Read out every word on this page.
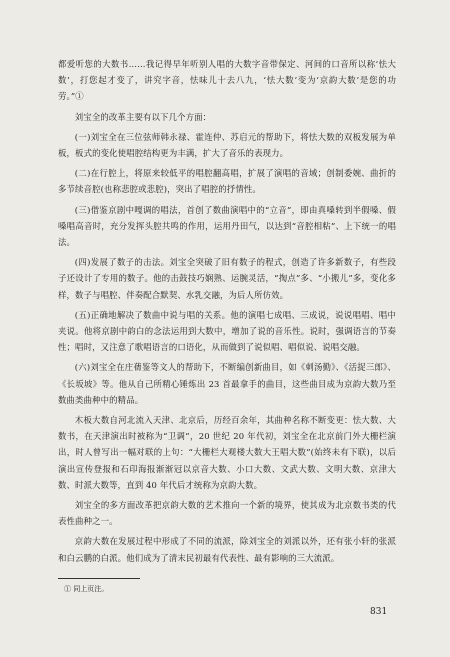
都爱听您的大数书……我记得早年听别人唱的大数字音带保定、河间的口音所以称‘怯大数’，打您起才变了，讲究字音，怯味儿十去八九，‘怯大数’变为‘京韵大数’是您的功劳。”①

刘宝全的改革主要有以下几个方面：

(一)刘宝全在三位弦师韩永禄、霍连仲、苏启元的帮助下，将怯大数的双板发展为单板，板式的变化使唱腔结构更为丰满，扩大了音乐的表现力。

(二)在行腔上，将原来较低平的唱腔翻高唱，扩展了演唱的音域；创制委婉、曲折的多节续音腔(也称悲腔或悲腔)，突出了唱腔的抒情性。

(三)借鉴京剧中嘎调的唱法，首创了数曲演唱中的“立音”，即由真嗓转到半假嗓、假嗓唱高音时，充分发挥头腔共鸣的作用，运用丹田气，以达到“音腔相粘”、上下统一的唱法。

(四)发展了数子的击法。刘宝全突破了旧有数子的程式，创造了许多新数子，有些段子还设计了专用的数子。他的击鼓技巧娴熟、运腕灵活，“掏点”多、“小搬儿”多，变化多样，数子与唱腔、伴奏配合默契、水乳交融，为后人所仿效。

(五)正确地解决了数曲中说与唱的关系。他的演唱七成唱、三成说，说说唱唱、唱中夹说。他将京剧中韵白的念法运用到大数中，增加了说的音乐性。说时，强调语言的节奏性；唱时，又注意了歌唱语言的口语化，从而做到了说似唱、唱似说、说唱交融。

(六)刘宝全在庄蒨鉴等文人的帮助下，不断编创新曲目，如《刺汤勤》、《活捉三郎》、《长坂坡》等。他从自己所精心锤炼出 23 首最拿手的曲目，这些曲目成为京韵大数乃至数曲类曲种中的精品。

木板大数自河北流入天津、北京后，历经百余年，其曲种名称不断变更：怯大数、大数书，在天津演出时被称为“卫调”，20 世纪 20 年代初，刘宝全在北京前门外大栅栏演出，时人曾写出一幅对联的上句：“大栅栏大观楼大数大王唱大数”(始终未有下联)，以后演出宣传登报和石印海报渐渐冠以京音大数、小口大数、文武大数、文明大数、京津大数、时派大数等，直到 40 年代后才统称为京韵大数。

刘宝全的多方面改革把京韵大数的艺术推向一个新的境界，使其成为北京数书类的代表性曲种之一。

京韵大数在发展过程中形成了不同的流派，除刘宝全的刘派以外，还有张小轩的张派和白云鹏的白派。他们成为了清末民初最有代表性、最有影响的三大流派。

① 同上页注。
831
